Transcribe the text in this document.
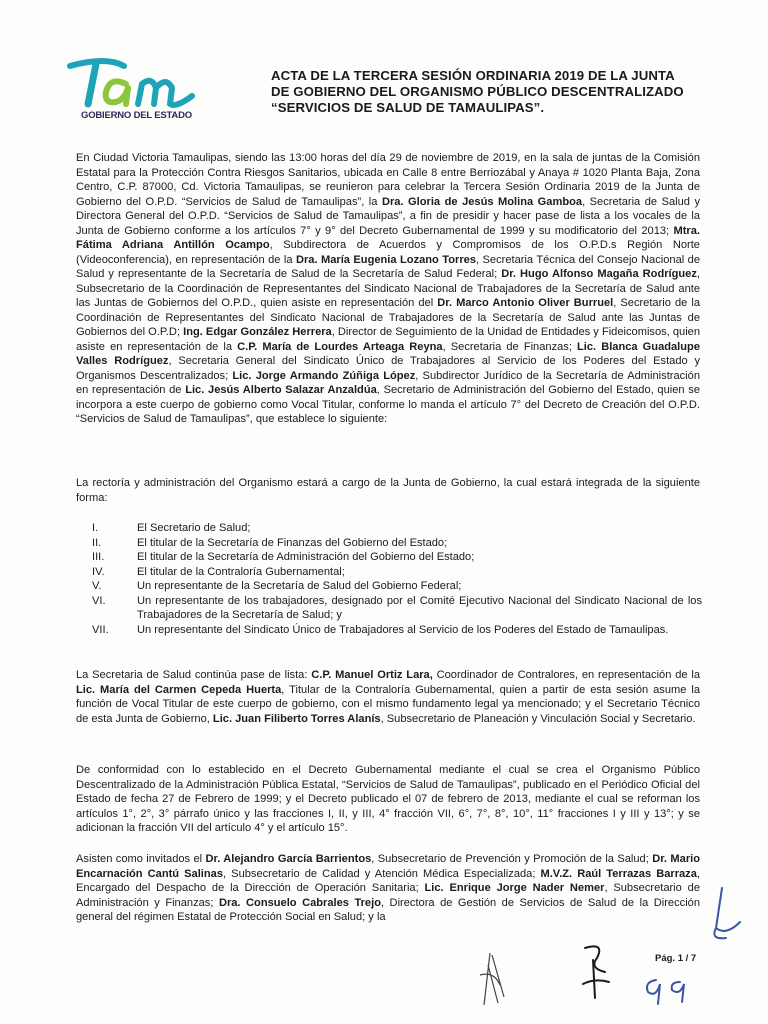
GOBIERNO DEL ESTADO
ACTA DE LA TERCERA SESIÓN ORDINARIA 2019 DE LA JUNTA
DE GOBIERNO DEL ORGANISMO PÚBLICO DESCENTRALIZADO
“SERVICIOS DE SALUD DE TAMAULIPAS”.
En Ciudad Victoria Tamaulipas, siendo las 13:00 horas del día 29 de noviembre de 2019, en la sala de juntas de la Comisión Estatal para la Protección Contra Riesgos Sanitarios, ubicada en Calle 8 entre Berriozábal y Anaya # 1020 Planta Baja, Zona Centro, C.P. 87000, Cd. Victoria Tamaulipas, se reunieron para celebrar la Tercera Sesión Ordinaria 2019 de la Junta de Gobierno del O.P.D. “Servicios de Salud de Tamaulipas”, la Dra. Gloria de Jesús Molina Gamboa, Secretaria de Salud y Directora General del O.P.D. “Servicios de Salud de Tamaulipas”, a fin de presidir y hacer pase de lista a los vocales de la Junta de Gobierno conforme a los artículos 7° y 9° del Decreto Gubernamental de 1999 y su modificatorio del 2013; Mtra. Fátima Adriana Antillón Ocampo, Subdirectora de Acuerdos y Compromisos de los O.P.D.s Región Norte (Videoconferencia), en representación de la Dra. María Eugenia Lozano Torres, Secretaria Técnica del Consejo Nacional de Salud y representante de la Secretaría de Salud de la Secretaría de Salud Federal; Dr. Hugo Alfonso Magaña Rodríguez, Subsecretario de la Coordinación de Representantes del Sindicato Nacional de Trabajadores de la Secretaría de Salud ante las Juntas de Gobiernos del O.P.D., quien asiste en representación del Dr. Marco Antonio Oliver Burruel, Secretario de la Coordinación de Representantes del Sindicato Nacional de Trabajadores de la Secretaría de Salud ante las Juntas de Gobiernos del O.P.D; Ing. Edgar González Herrera, Director de Seguimiento de la Unidad de Entidades y Fideicomisos, quien asiste en representación de la C.P. María de Lourdes Arteaga Reyna, Secretaria de Finanzas; Lic. Blanca Guadalupe Valles Rodríguez, Secretaria General del Sindicato Único de Trabajadores al Servicio de los Poderes del Estado y Organismos Descentralizados; Lic. Jorge Armando Zúñiga López, Subdirector Jurídico de la Secretaría de Administración en representación de Lic. Jesús Alberto Salazar Anzaldúa, Secretario de Administración del Gobierno del Estado, quien se incorpora a este cuerpo de gobierno como Vocal Titular, conforme lo manda el artículo 7° del Decreto de Creación del O.P.D. “Servicios de Salud de Tamaulipas”, que establece lo siguiente:
La rectoría y administración del Organismo estará a cargo de la Junta de Gobierno, la cual estará integrada de la siguiente forma:
I.	El Secretario de Salud;
II.	El titular de la Secretaría de Finanzas del Gobierno del Estado;
III.	El titular de la Secretaría de Administración del Gobierno del Estado;
IV.	El titular de la Contraloría Gubernamental;
V.	Un representante de la Secretaría de Salud del Gobierno Federal;
VI.	Un representante de los trabajadores, designado por el Comité Ejecutivo Nacional del Sindicato Nacional de los Trabajadores de la Secretaría de Salud; y
VII.	Un representante del Sindicato Único de Trabajadores al Servicio de los Poderes del Estado de Tamaulipas.
La Secretaria de Salud continúa pase de lista: C.P. Manuel Ortiz Lara, Coordinador de Contralores, en representación de la Lic. María del Carmen Cepeda Huerta, Titular de la Contraloría Gubernamental, quien a partir de esta sesión asume la función de Vocal Titular de este cuerpo de gobierno, con el mismo fundamento legal ya mencionado; y el Secretario Técnico de esta Junta de Gobierno, Lic. Juan Filiberto Torres Alanís, Subsecretario de Planeación y Vinculación Social y Secretario.
De conformidad con lo establecido en el Decreto Gubernamental mediante el cual se crea el Organismo Público Descentralizado de la Administración Pública Estatal, “Servicios de Salud de Tamaulipas”, publicado en el Periódico Oficial del Estado de fecha 27 de Febrero de 1999; y el Decreto publicado el 07 de febrero de 2013, mediante el cual se reforman los artículos 1°, 2°, 3° párrafo único y las fracciones I, II, y III, 4° fracción VII, 6°, 7°, 8°, 10°, 11° fracciones I y III y 13°; y se adicionan la fracción VII del artículo 4° y el artículo 15°.
Asisten como invitados el Dr. Alejandro García Barrientos, Subsecretario de Prevención y Promoción de la Salud; Dr. Mario Encarnación Cantú Salinas, Subsecretario de Calidad y Atención Médica Especializada; M.V.Z. Raúl Terrazas Barraza, Encargado del Despacho de la Dirección de Operación Sanitaria; Lic. Enrique Jorge Nader Nemer, Subsecretario de Administración y Finanzas; Dra. Consuelo Cabrales Trejo, Directora de Gestión de Servicios de Salud de la Dirección general del régimen Estatal de Protección Social en Salud; y la
Pág. 1 / 7
